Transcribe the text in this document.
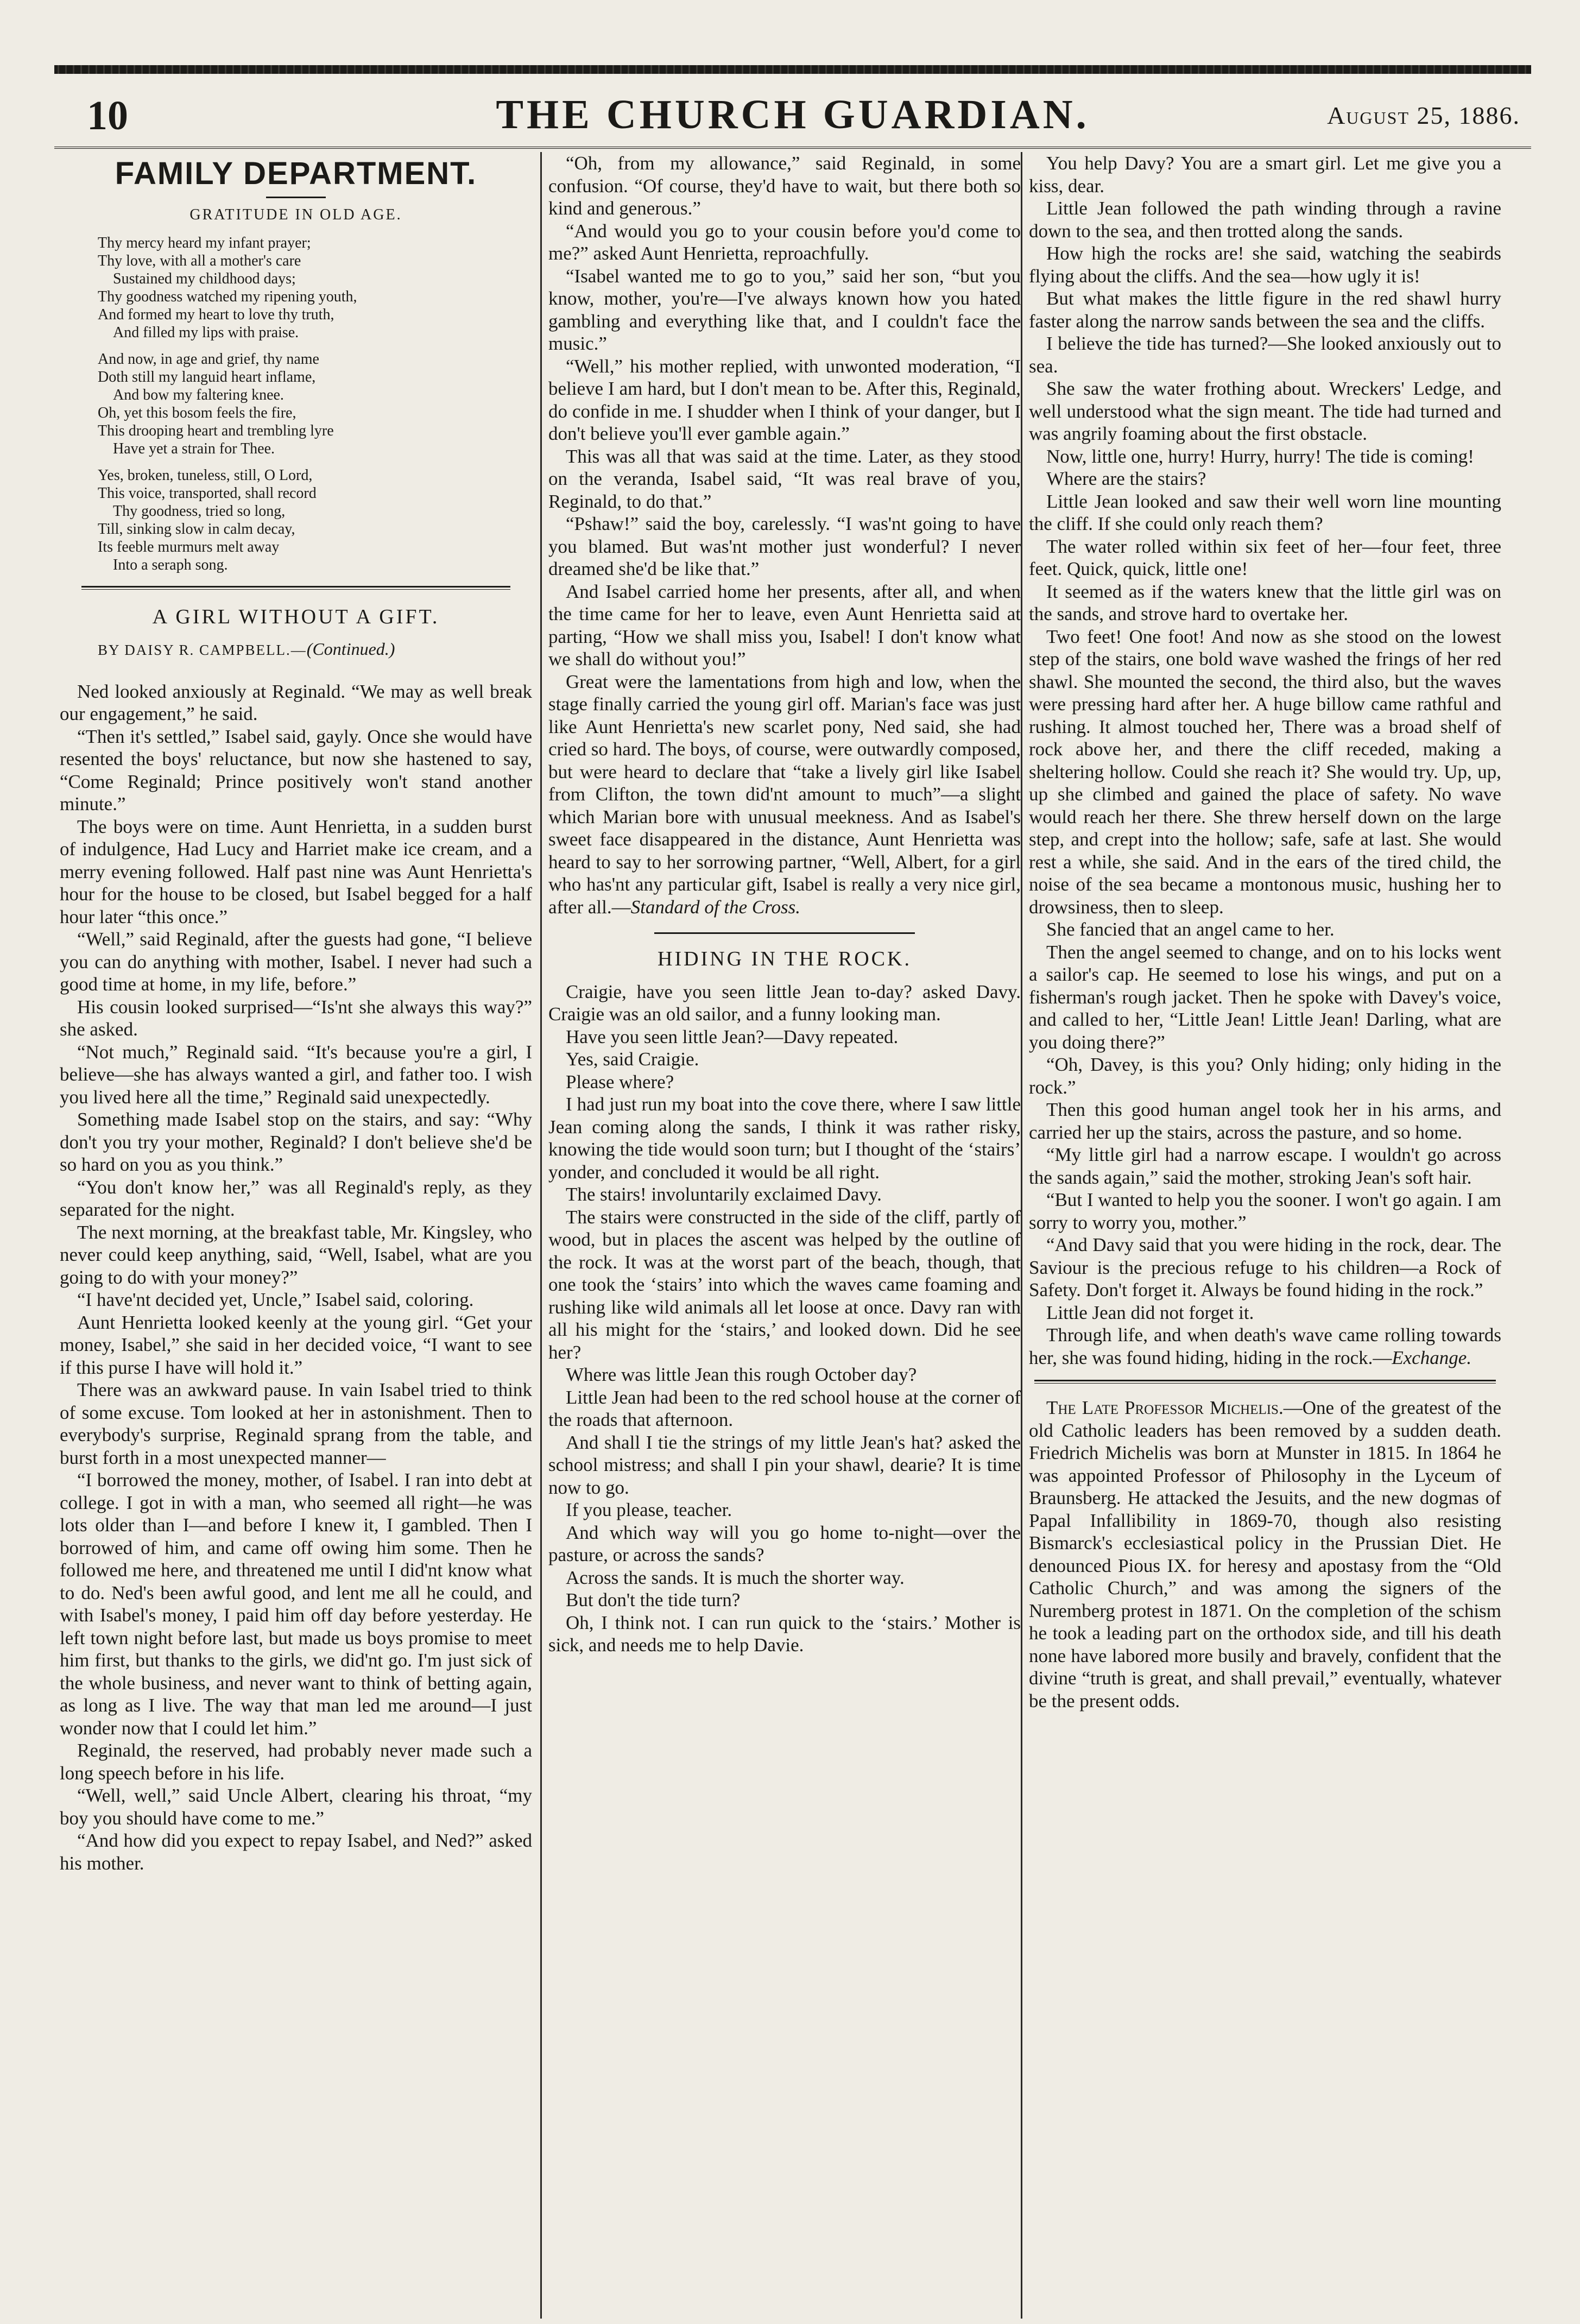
10	THE CHURCH GUARDIAN.	August 25, 1886.
FAMILY DEPARTMENT.
GRATITUDE IN OLD AGE.
Thy mercy heard my infant prayer;
Thy love, with all a mother's care
Sustained my childhood days;
Thy goodness watched my ripening youth,
And formed my heart to love thy truth,
And filled my lips with praise.
And now, in age and grief, thy name
Doth still my languid heart inflame,
And bow my faltering knee.
Oh, yet this bosom feels the fire,
This drooping heart and trembling lyre
Have yet a strain for Thee.
Yes, broken, tuneless, still, O Lord,
This voice, transported, shall record
Thy goodness, tried so long,
Till, sinking slow in calm decay,
Its feeble murmurs melt away
Into a seraph song.
A GIRL WITHOUT A GIFT.
BY DAISY R. CAMPBELL.—(Continued.)

Ned looked anxiously at Reginald. “We may as well break our engagement,” he said.

“Then it's settled,” Isabel said, gayly. Once she would have resented the boys' reluctance, but now she hastened to say, “Come Reginald; Prince positively won't stand another minute.”

The boys were on time. Aunt Henrietta, in a sudden burst of indulgence, Had Lucy and Harriet make ice cream, and a merry evening followed. Half past nine was Aunt Henrietta's hour for the house to be closed, but Isabel begged for a half hour later “this once.”

“Well,” said Reginald, after the guests had gone, “I believe you can do anything with mother, Isabel. I never had such a good time at home, in my life, before.”

His cousin looked surprised—“Is'nt she always this way?” she asked.

“Not much,” Reginald said. “It's because you're a girl, I believe—she has always wanted a girl, and father too. I wish you lived here all the time,” Reginald said unexpectedly.

Something made Isabel stop on the stairs, and say: “Why don't you try your mother, Reginald? I don't believe she'd be so hard on you as you think.”

“You don't know her,” was all Reginald's reply, as they separated for the night.

The next morning, at the breakfast table, Mr. Kingsley, who never could keep anything, said, “Well, Isabel, what are you going to do with your money?”

“I have'nt decided yet, Uncle,” Isabel said, coloring.

Aunt Henrietta looked keenly at the young girl. “Get your money, Isabel,” she said in her decided voice, “I want to see if this purse I have will hold it.”

There was an awkward pause. In vain Isabel tried to think of some excuse. Tom looked at her in astonishment. Then to everybody's surprise, Reginald sprang from the table, and burst forth in a most unexpected manner—

“I borrowed the money, mother, of Isabel. I ran into debt at college. I got in with a man, who seemed all right—he was lots older than I—and before I knew it, I gambled. Then I borrowed of him, and came off owing him some. Then he followed me here, and threatened me until I did'nt know what to do. Ned's been awful good, and lent me all he could, and with Isabel's money, I paid him off day before yesterday. He left town night before last, but made us boys promise to meet him first, but thanks to the girls, we did'nt go. I'm just sick of the whole business, and never want to think of betting again, as long as I live. The way that man led me around—I just wonder now that I could let him.”

Reginald, the reserved, had probably never made such a long speech before in his life.

“Well, well,” said Uncle Albert, clearing his throat, “my boy you should have come to me.”

“And how did you expect to repay Isabel, and Ned?” asked his mother.

“Oh, from my allowance,” said Reginald, in some confusion. “Of course, they'd have to wait, but there both so kind and generous.”

“And would you go to your cousin before you'd come to me?” asked Aunt Henrietta, reproachfully.

“Isabel wanted me to go to you,” said her son, “but you know, mother, you're—I've always known how you hated gambling and everything like that, and I couldn't face the music.”

“Well,” his mother replied, with unwonted moderation, “I believe I am hard, but I don't mean to be. After this, Reginald, do confide in me. I shudder when I think of your danger, but I don't believe you'll ever gamble again.”

This was all that was said at the time. Later, as they stood on the veranda, Isabel said, “It was real brave of you, Reginald, to do that.”

“Pshaw!” said the boy, carelessly. “I was'nt going to have you blamed. But was'nt mother just wonderful? I never dreamed she'd be like that.”

And Isabel carried home her presents, after all, and when the time came for her to leave, even Aunt Henrietta said at parting, “How we shall miss you, Isabel! I don't know what we shall do without you!”

Great were the lamentations from high and low, when the stage finally carried the young girl off. Marian's face was just like Aunt Henrietta's new scarlet pony, Ned said, she had cried so hard. The boys, of course, were outwardly composed, but were heard to declare that “take a lively girl like Isabel from Clifton, the town did'nt amount to much”—a slight which Marian bore with unusual meekness. And as Isabel's sweet face disappeared in the distance, Aunt Henrietta was heard to say to her sorrowing partner, “Well, Albert, for a girl who has'nt any particular gift, Isabel is really a very nice girl, after all.—Standard of the Cross.

HIDING IN THE ROCK.

Craigie, have you seen little Jean to-day? asked Davy. Craigie was an old sailor, and a funny looking man.

Have you seen little Jean?—Davy repeated.

Yes, said Craigie.

Please where?

I had just run my boat into the cove there, where I saw little Jean coming along the sands, I think it was rather risky, knowing the tide would soon turn; but I thought of the ‘stairs’ yonder, and concluded it would be all right.

The stairs! involuntarily exclaimed Davy.

The stairs were constructed in the side of the cliff, partly of wood, but in places the ascent was helped by the outline of the rock. It was at the worst part of the beach, though, that one took the ‘stairs’ into which the waves came foaming and rushing like wild animals all let loose at once. Davy ran with all his might for the ‘stairs,’ and looked down. Did he see her?

Where was little Jean this rough October day?

Little Jean had been to the red school house at the corner of the roads that afternoon.

And shall I tie the strings of my little Jean's hat? asked the school mistress; and shall I pin your shawl, dearie? It is time now to go.

If you please, teacher.

And which way will you go home to-night—over the pasture, or across the sands?

Across the sands. It is much the shorter way.

But don't the tide turn?

Oh, I think not. I can run quick to the ‘stairs.’ Mother is sick, and needs me to help Davie.

You help Davy? You are a smart girl. Let me give you a kiss, dear.

Little Jean followed the path winding through a ravine down to the sea, and then trotted along the sands.

How high the rocks are! she said, watching the seabirds flying about the cliffs. And the sea—how ugly it is!

But what makes the little figure in the red shawl hurry faster along the narrow sands between the sea and the cliffs.

I believe the tide has turned?—She looked anxiously out to sea.

She saw the water frothing about. Wreckers' Ledge, and well understood what the sign meant. The tide had turned and was angrily foaming about the first obstacle.

Now, little one, hurry! Hurry, hurry! The tide is coming!

Where are the stairs?

Little Jean looked and saw their well worn line mounting the cliff. If she could only reach them?

The water rolled within six feet of her—four feet, three feet. Quick, quick, little one!

It seemed as if the waters knew that the little girl was on the sands, and strove hard to overtake her.

Two feet! One foot! And now as she stood on the lowest step of the stairs, one bold wave washed the frings of her red shawl. She mounted the second, the third also, but the waves were pressing hard after her. A huge billow came rathful and rushing. It almost touched her, There was a broad shelf of rock above her, and there the cliff receded, making a sheltering hollow. Could she reach it? She would try. Up, up, up she climbed and gained the place of safety. No wave would reach her there. She threw herself down on the large step, and crept into the hollow; safe, safe at last. She would rest a while, she said. And in the ears of the tired child, the noise of the sea became a montonous music, hushing her to drowsiness, then to sleep.

She fancied that an angel came to her.

Then the angel seemed to change, and on to his locks went a sailor's cap. He seemed to lose his wings, and put on a fisherman's rough jacket. Then he spoke with Davey's voice, and called to her, “Little Jean! Little Jean! Darling, what are you doing there?”

“Oh, Davey, is this you? Only hiding; only hiding in the rock.”

Then this good human angel took her in his arms, and carried her up the stairs, across the pasture, and so home.

“My little girl had a narrow escape. I wouldn't go across the sands again,” said the mother, stroking Jean's soft hair.

“But I wanted to help you the sooner. I won't go again. I am sorry to worry you, mother.”

“And Davy said that you were hiding in the rock, dear. The Saviour is the precious refuge to his children—a Rock of Safety. Don't forget it. Always be found hiding in the rock.”

Little Jean did not forget it.

Through life, and when death's wave came rolling towards her, she was found hiding, hiding in the rock.—Exchange.

The Late Professor Michelis.—One of the greatest of the old Catholic leaders has been removed by a sudden death. Friedrich Michelis was born at Munster in 1815. In 1864 he was appointed Professor of Philosophy in the Lyceum of Braunsberg. He attacked the Jesuits, and the new dogmas of Papal Infallibility in 1869-70, though also resisting Bismarck's ecclesiastical policy in the Prussian Diet. He denounced Pious IX. for heresy and apostasy from the “Old Catholic Church,” and was among the signers of the Nuremberg protest in 1871. On the completion of the schism he took a leading part on the orthodox side, and till his death none have labored more busily and bravely, confident that the divine “truth is great, and shall prevail,” eventually, whatever be the present odds.
